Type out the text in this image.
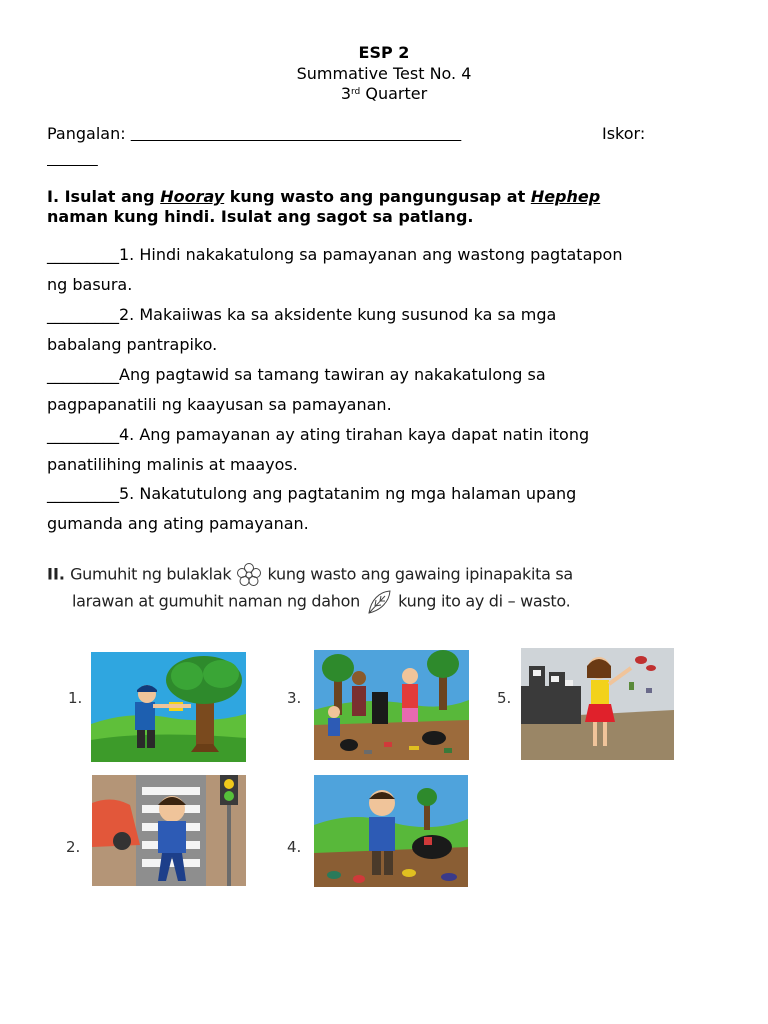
ESP 2
Summative Test No. 4
3rd Quarter
Pangalan:	Iskor:

I. Isulat ang Hooray kung wasto ang pangungusap at Hephep
naman kung hindi. Isulat ang sagot sa patlang.
_________1. Hindi nakakatulong sa pamayanan ang wastong pagtatapon
ng basura.
_________2. Makaiiwas ka sa aksidente kung susunod ka sa mga
babalang pantrapiko.
_________Ang pagtawid sa tamang tawiran ay nakakatulong sa
pagpapanatili ng kaayusan sa pamayanan.
_________4. Ang pamayanan ay ating tirahan kaya dapat natin itong
panatilihing malinis at maayos.
_________5. Nakatutulong ang pagtatanim ng mga halaman upang
gumanda ang ating pamayanan.
II. Gumuhit ng bulaklak kung wasto ang gawaing ipinapakita sa
larawan at gumuhit naman ng dahon kung ito ay di – wasto.
1.
2.
3.
4.
5.
